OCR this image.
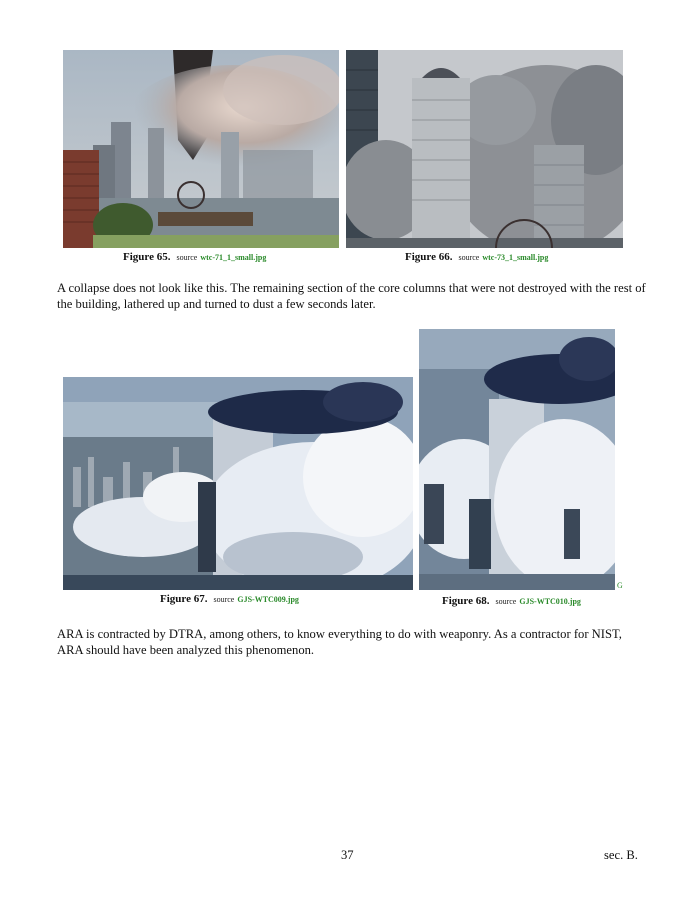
Figure 65. source wtc-71_1_small.jpg	Figure 66. source wtc-73_1_small.jpg
A collapse does not look like this. The remaining section of the core columns that were not destroyed with the rest of the building, lathered up and turned to dust a few seconds later.
G
Figure 67. source GJS-WTC009.jpg	Figure 68. source GJS-WTC010.jpg
ARA is contracted by DTRA, among others, to know everything to do with weaponry. As a contractor for NIST, ARA should have been analyzed this phenomenon.
37	sec. B.
